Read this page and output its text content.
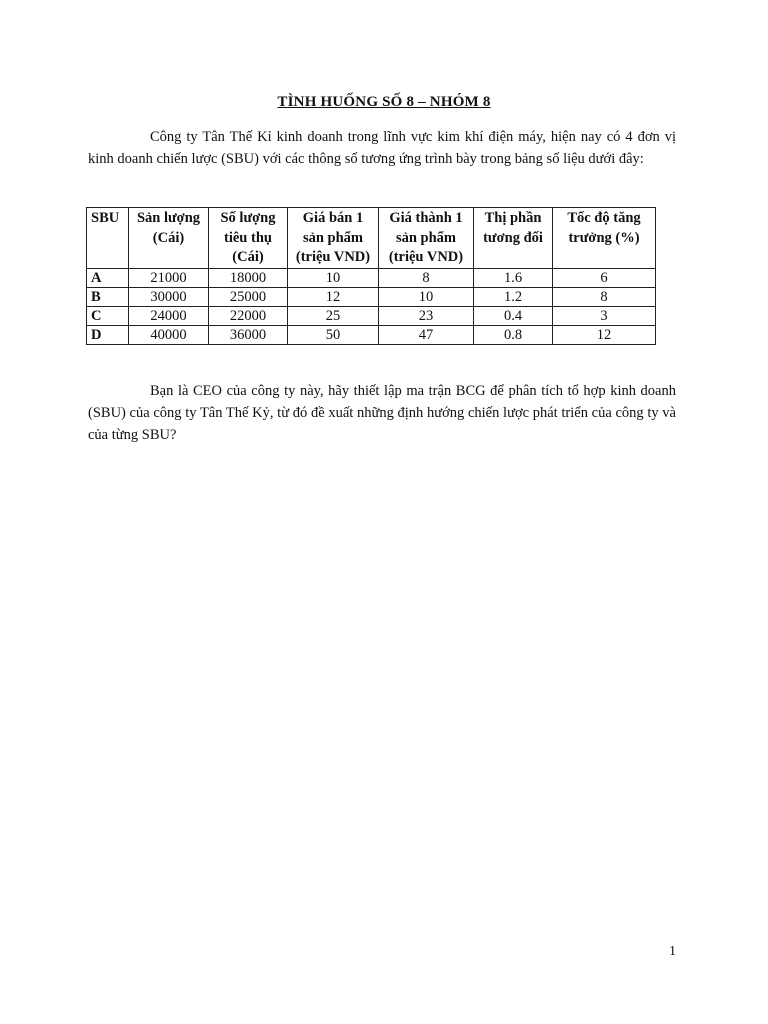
TÌNH HUỐNG SỐ 8 – NHÓM 8

Công ty Tân Thế Kỉ kinh doanh trong lĩnh vực kim khí điện máy, hiện nay có 4 đơn vị kinh doanh chiến lược (SBU) với các thông số tương ứng trình bày trong bảng số liệu dưới đây:

SBU	Sản lượng (Cái)	Số lượng tiêu thụ (Cái)	Giá bán 1 sản phẩm (triệu VND)	Giá thành 1 sản phẩm (triệu VND)	Thị phần tương đối	Tốc độ tăng trưởng (%)
A	21000	18000	10	8	1.6	6
B	30000	25000	12	10	1.2	8
C	24000	22000	25	23	0.4	3
D	40000	36000	50	47	0.8	12

Bạn là CEO của công ty này, hãy thiết lập ma trận BCG để phân tích tổ hợp kinh doanh (SBU) của công ty Tân Thế Kỷ, từ đó đề xuất những định hướng chiến lược phát triển của công ty và của từng SBU?

1
